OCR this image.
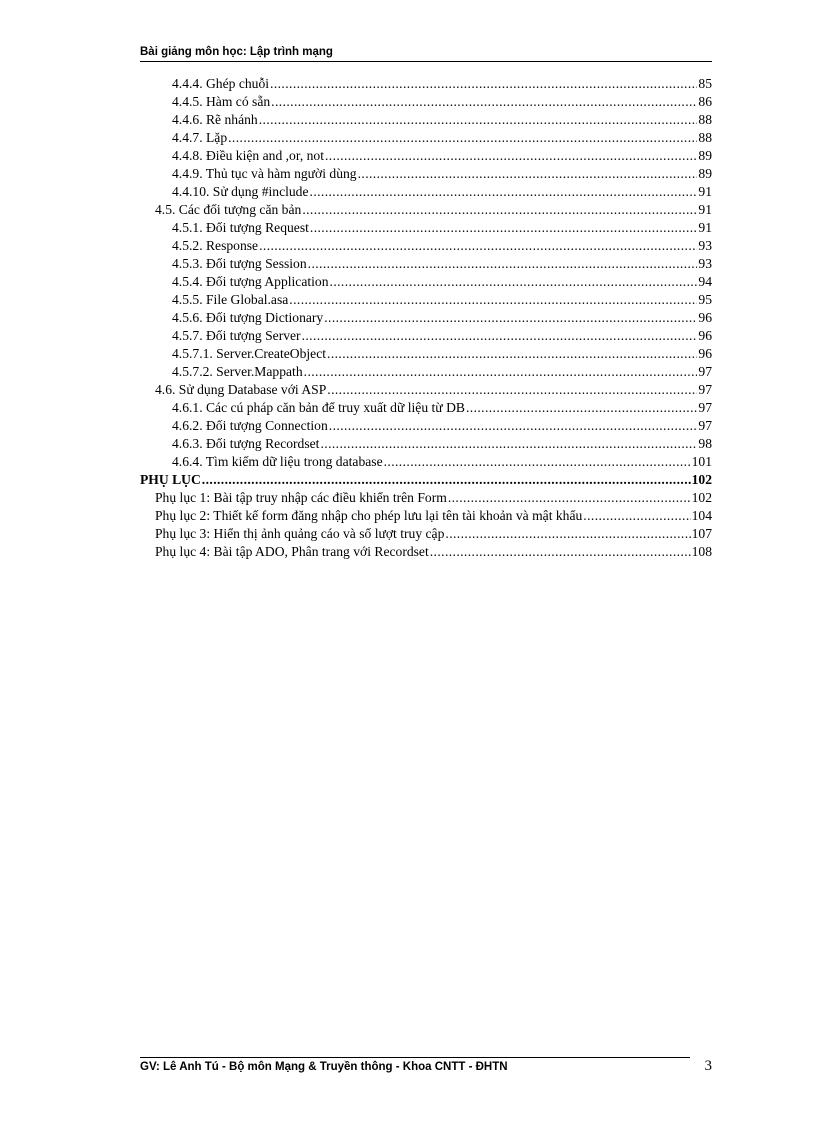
Bài giảng môn học: Lập trình mạng
4.4.4. Ghép chuỗi .....	85
4.4.5. Hàm có sẵn .....	86
4.4.6. Rẽ nhánh .....	88
4.4.7. Lặp .....	88
4.4.8. Điều kiện and ,or, not .....	89
4.4.9. Thủ tục và hàm người dùng .....	89
4.4.10. Sử dụng #include .....	91
4.5. Các đối tượng căn bản .....	91
4.5.1. Đối tượng Request .....	91
4.5.2. Response .....	93
4.5.3. Đối tượng Session .....	93
4.5.4. Đối tượng Application .....	94
4.5.5. File Global.asa .....	95
4.5.6. Đối tượng Dictionary .....	96
4.5.7. Đối tượng Server .....	96
4.5.7.1. Server.CreateObject .....	96
4.5.7.2. Server.Mappath .....	97
4.6. Sử dụng Database với ASP .....	97
4.6.1. Các cú pháp căn bản để truy xuất dữ liệu từ DB .....	97
4.6.2. Đối tượng Connection .....	97
4.6.3. Đối tượng Recordset .....	98
4.6.4. Tìm kiếm dữ liệu trong database .....	101
PHỤ LỤC .....	102
Phụ lục 1: Bài tập truy nhập các điều khiển trên Form .....	102
Phụ lục 2: Thiết kế form đăng nhập cho phép lưu lại tên tài khoản và mật khẩu .....	104
Phụ lục 3: Hiển thị ảnh quảng cáo và số lượt truy cập .....	107
Phụ lục 4: Bài tập ADO, Phân trang với Recordset .....	108
GV: Lê Anh Tú - Bộ môn Mạng & Truyền thông - Khoa CNTT - ĐHTN	3
